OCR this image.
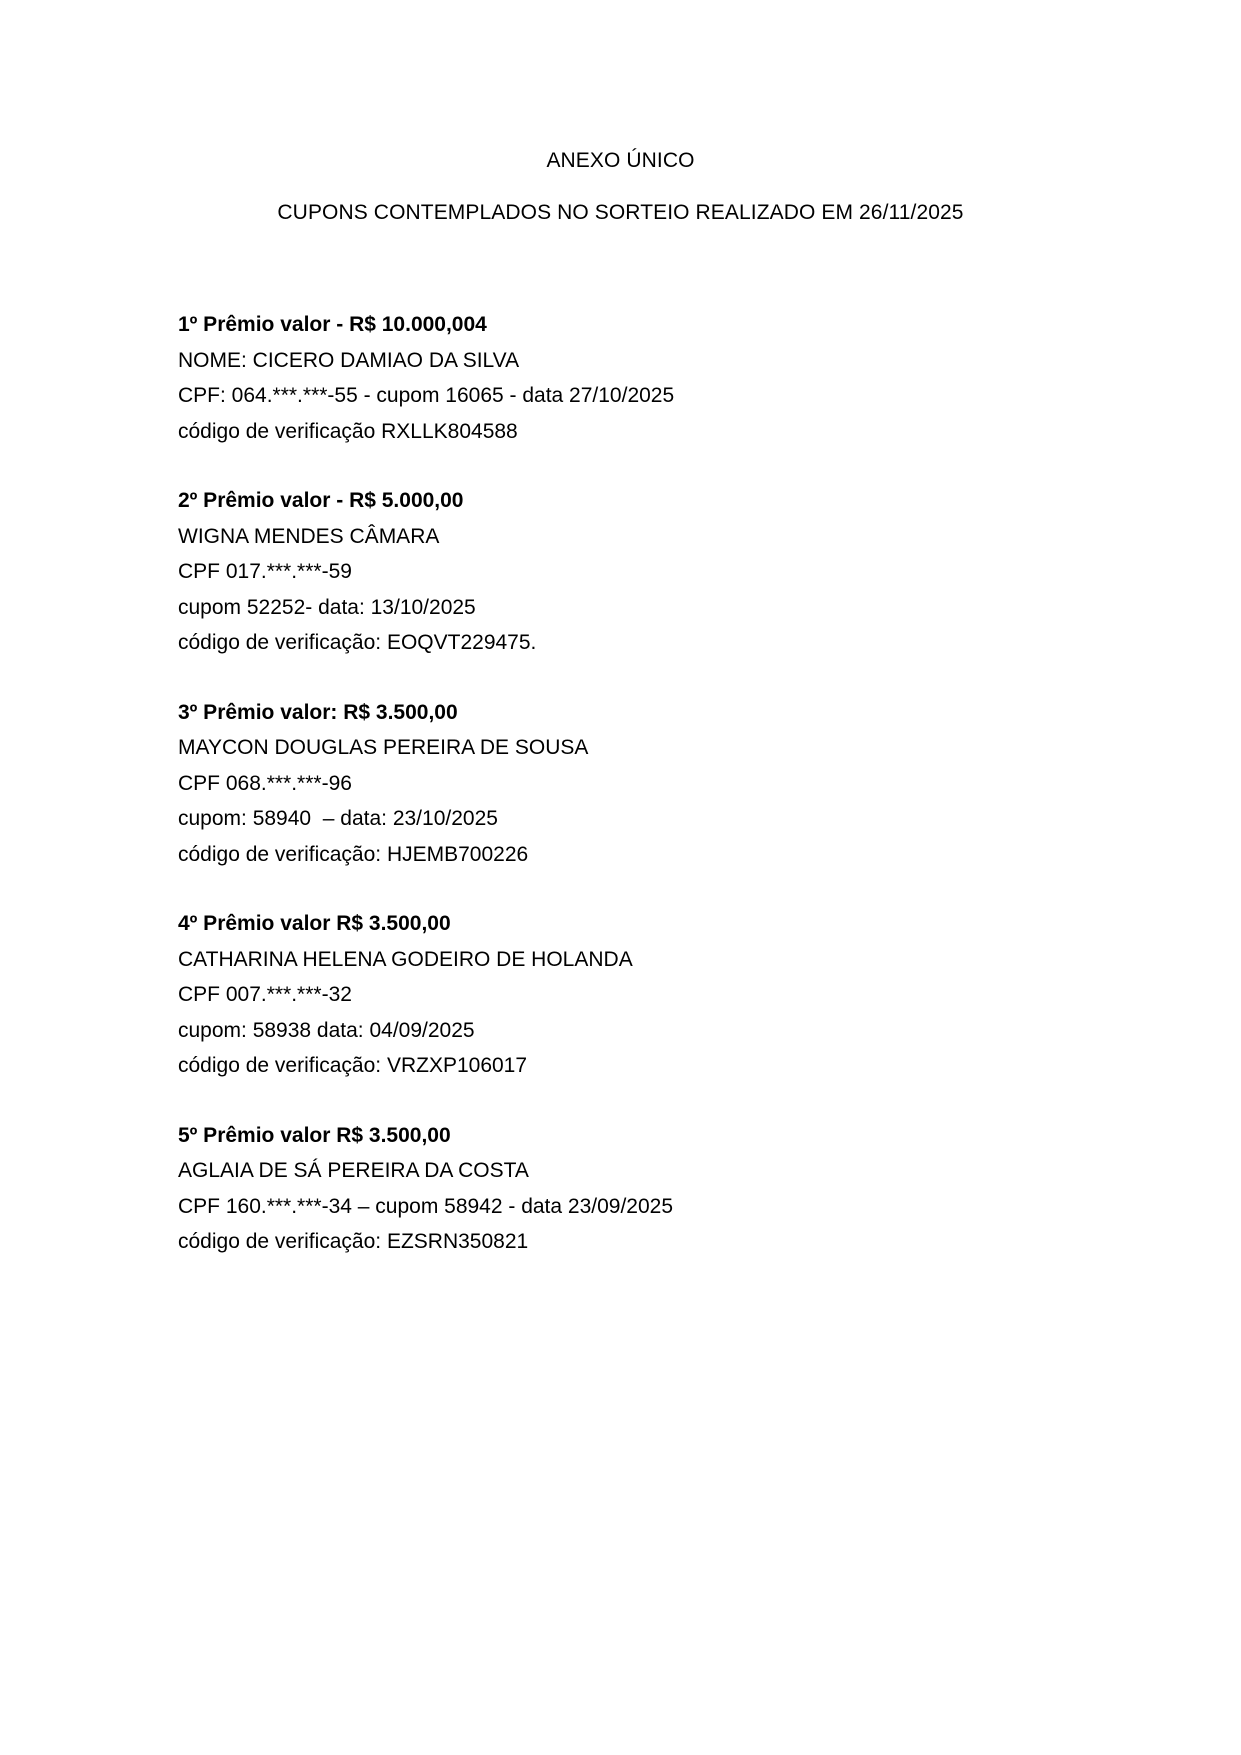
ANEXO ÚNICO
CUPONS CONTEMPLADOS NO SORTEIO REALIZADO EM 26/11/2025
1º Prêmio valor - R$ 10.000,004
NOME: CICERO DAMIAO DA SILVA
CPF: 064.***.***-55 - cupom 16065 - data 27/10/2025
código de verificação RXLLK804588
2º Prêmio valor - R$ 5.000,00
WIGNA MENDES CÂMARA
CPF 017.***.***-59
cupom 52252- data: 13/10/2025
código de verificação: EOQVT229475.
3º Prêmio valor: R$ 3.500,00
MAYCON DOUGLAS PEREIRA DE SOUSA
CPF 068.***.***-96
cupom: 58940  – data: 23/10/2025
código de verificação: HJEMB700226
4º Prêmio valor R$ 3.500,00
CATHARINA HELENA GODEIRO DE HOLANDA
CPF 007.***.***-32
cupom: 58938 data: 04/09/2025
código de verificação: VRZXP106017
5º Prêmio valor R$ 3.500,00
AGLAIA DE SÁ PEREIRA DA COSTA
CPF 160.***.***-34 – cupom 58942 - data 23/09/2025
código de verificação: EZSRN350821
